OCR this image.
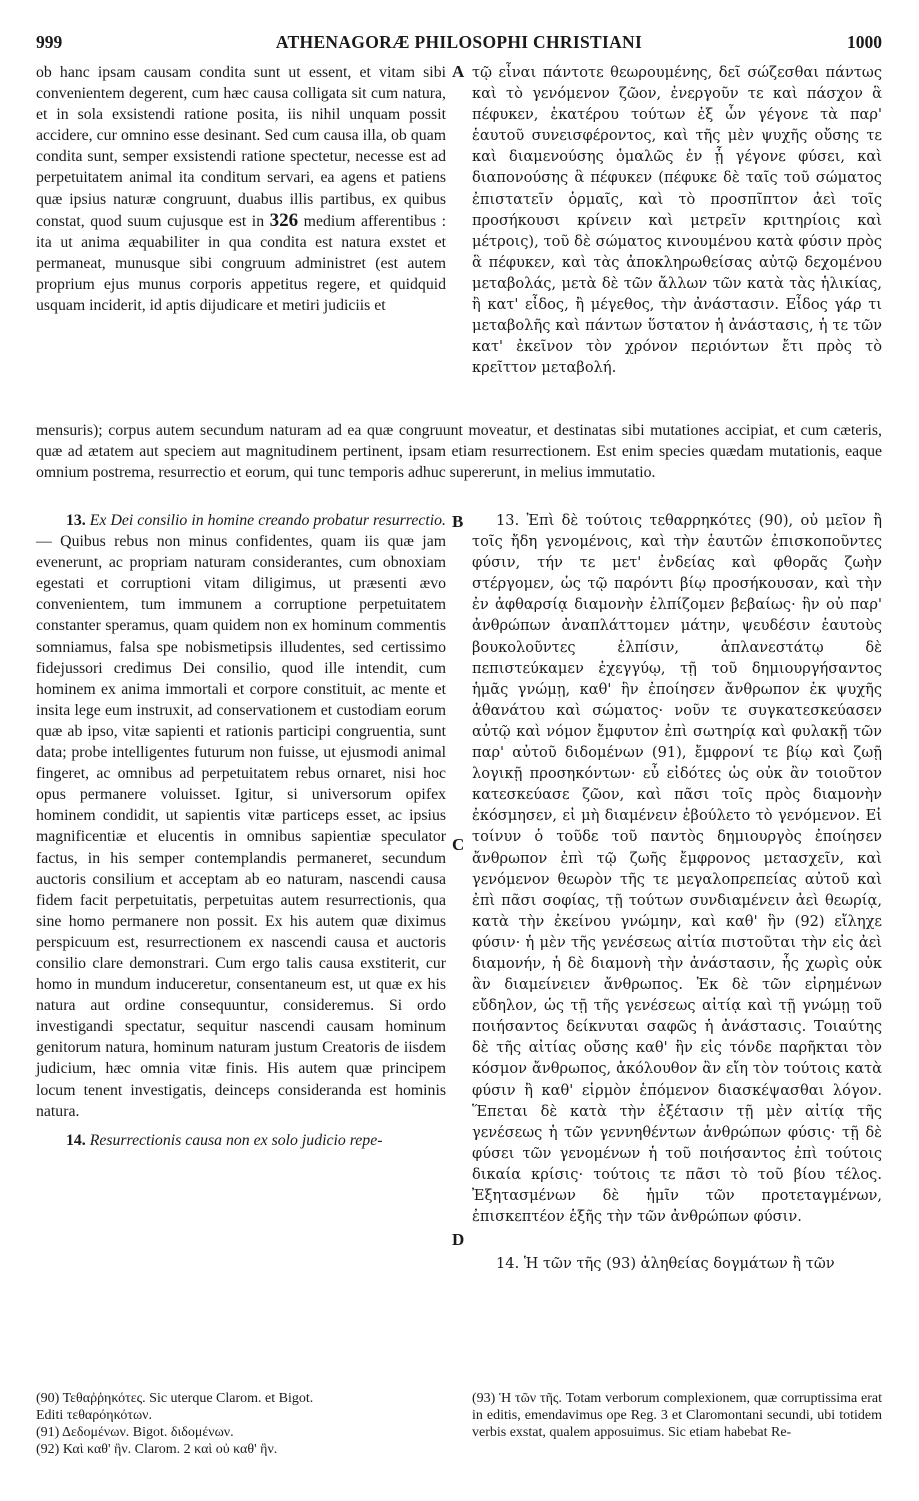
ATHENAGORÆ PHILOSOPHI CHRISTIANI
999	1000
ob hanc ipsam causam condita sunt ut essent, et vitam sibi convenientem degerent, cum hæc causa colligata sit cum natura, et in sola exsistendi ratione posita, iis nihil unquam possit accidere, cur omnino esse desinant. Sed cum causa illa, ob quam condita sunt, semper exsistendi ratione spectetur, necesse est ad perpetuitatem animal ita conditum servari, ea agens et patiens quæ ipsius naturæ congruunt, duabus illis partibus, ex quibus constat, quod suum cujusque est in 326 medium afferentibus : ita ut anima æquabiliter in qua condita est natura exstet et permaneat, munusque sibi congruum administret (est autem proprium ejus munus corporis appetitus regere, et quidquid usquam inciderit, id aptis dijudicare et metiri judiciis et
A τῷ εἶναι πάντοτε θεωρουμένης, δεῖ σώζεσθαι πάντως καὶ τὸ γενόμενον ζῶον, ἐνεργοῦν τε καὶ πάσχον ἃ πέφυκεν, ἑκατέρου τούτων ἐξ ὧν γέγονε τὰ παρ' ἑαυτοῦ συνεισφέροντος, καὶ τῆς μὲν ψυχῆς οὔσης τε καὶ διαμενούσης ὁμαλῶς ἐν ᾗ γέγονε φύσει, καὶ διαπονούσης ἃ πέφυκεν (πέφυκε δὲ ταῖς τοῦ σώματος ἐπιστατεῖν ὁρμαῖς, καὶ τὸ προσπῖπτον ἀεὶ τοῖς προσήκουσι κρίνειν καὶ μετρεῖν κριτηρίοις καὶ μέτροις), τοῦ δὲ σώματος κινουμένου κατὰ φύσιν πρὸς ἃ πέφυκεν, καὶ τὰς ἀποκληρωθείσας αὐτῷ δεχομένου μεταβολάς, μετὰ δὲ τῶν ἄλλων τῶν κατὰ τὰς ἡλικίας, ἢ κατ' εἶδος, ἢ μέγεθος, τὴν ἀνάστασιν. Εἶδος γάρ τι μεταβολῆς καὶ πάντων ὕστατον ἡ ἀνάστασις, ἡ τε τῶν κατ' ἐκεῖνον τὸν χρόνον περιόντων ἔτι πρὸς τὸ κρεῖττον μεταβολή.
mensuris); corpus autem secundum naturam ad ea quæ congruunt moveatur, et destinatas sibi mutationes accipiat, et cum cæteris, quæ ad ætatem aut speciem aut magnitudinem pertinent, ipsam etiam resurrectionem. Est enim species quædam mutationis, eaque omnium postrema, resurrectio et eorum, qui tunc temporis adhuc supererunt, in melius immutatio.

13. Ex Dei consilio in homine creando probatur resurrectio. — Quibus rebus non minus confidentes, quam iis quæ jam evenerunt, ac propriam naturam considerantes, cum obnoxiam egestati et corruptioni vitam diligimus, ut præsenti ævo convenientem, tum immunem a corruptione perpetuitatem constanter speramus, quam quidem non ex hominum commentis somniamus, falsa spe nobismetipsis illudentes, sed certissimo fidejussori credimus Dei consilio, quod ille intendit, cum hominem ex anima immortali et corpore constituit, ac mente et insita lege eum instruxit, ad conservationem et custodiam eorum quæ ab ipso, vitæ sapienti et rationis participi congruentia, sunt data; probe intelligentes futurum non fuisse, ut ejusmodi animal fingeret, ac omnibus ad perpetuitatem rebus ornaret, nisi hoc opus permanere voluisset. Igitur, si universorum opifex hominem condidit, ut sapientis vitæ particeps esset, ac ipsius magnificentiæ et elucentis in omnibus sapientiæ speculator factus, in his semper contemplandis permaneret, secundum auctoris consilium et acceptam ab eo naturam, nascendi causa fidem facit perpetuitatis, perpetuitas autem resurrectionis, qua sine homo permanere non possit. Ex his autem quæ diximus perspicuum est, resurrectionem ex nascendi causa et auctoris consilio clare demonstrari. Cum ergo talis causa exstiterit, cur homo in mundum induceretur, consentaneum est, ut quæ ex his natura aut ordine consequuntur, consideremus. Si ordo investigandi spectatur, sequitur nascendi causam hominum genitorum natura, hominum naturam justum Creatoris de iisdem judicium, hæc omnia vitæ finis. His autem quæ principem locum tenent investigatis, deinceps consideranda est hominis natura.

14. Resurrectionis causa non ex solo judicio repe-

B
C
D

13. Ἐπὶ δὲ τούτοις τεθαρρηκότες (90), οὐ μεῖον ἢ τοῖς ἤδη γενομένοις, καὶ τὴν ἑαυτῶν ἐπισκοποῦντες φύσιν, τήν τε μετ' ἐνδείας καὶ φθορᾶς ζωὴν στέργομεν, ὡς τῷ παρόντι βίῳ προσήκουσαν, καὶ τὴν ἐν ἀφθαρσίᾳ διαμονὴν ἐλπίζομεν βεβαίως· ἣν οὐ παρ' ἀνθρώπων ἀναπλάττομεν μάτην, ψευδέσιν ἑαυτοὺς βουκολοῦντες ἐλπίσιν, ἀπλανεστάτῳ δὲ πεπιστεύκαμεν ἐχεγγύῳ, τῇ τοῦ δημιουργήσαντος ἡμᾶς γνώμῃ, καθ' ἣν ἐποίησεν ἄνθρωπον ἐκ ψυχῆς ἀθανάτου καὶ σώματος· νοῦν τε συγκατεσκεύασεν αὐτῷ καὶ νόμον ἔμφυτον ἐπὶ σωτηρίᾳ καὶ φυλακῇ τῶν παρ' αὐτοῦ διδομένων (91), ἔμφρονί τε βίῳ καὶ ζωῇ λογικῇ προσηκόντων· εὖ εἰδότες ὡς οὐκ ἂν τοιοῦτον κατεσκεύασε ζῶον, καὶ πᾶσι τοῖς πρὸς διαμονὴν ἐκόσμησεν, εἰ μὴ διαμένειν ἐβούλετο τὸ γενόμενον. Εἰ τοίνυν ὁ τοῦδε τοῦ παντὸς δημιουργὸς ἐποίησεν ἄνθρωπον ἐπὶ τῷ ζωῆς ἔμφρονος μετασχεῖν, καὶ γενόμενον θεωρὸν τῆς τε μεγαλοπρεπείας αὐτοῦ καὶ ἐπὶ πᾶσι σοφίας, τῇ τούτων συνδιαμένειν ἀεὶ θεωρίᾳ, κατὰ τὴν ἐκείνου γνώμην, καὶ καθ' ἣν (92) εἴληχε φύσιν· ἡ μὲν τῆς γενέσεως αἰτία πιστοῦται τὴν εἰς ἀεὶ διαμονήν, ἡ δὲ διαμονὴ τὴν ἀνάστασιν, ἧς χωρὶς οὐκ ἂν διαμείνειεν ἄνθρωπος. Ἐκ δὲ τῶν εἰρημένων εὔδηλον, ὡς τῇ τῆς γενέσεως αἰτίᾳ καὶ τῇ γνώμῃ τοῦ ποιήσαντος δείκνυται σαφῶς ἡ ἀνάστασις. Τοιαύτης δὲ τῆς αἰτίας οὔσης καθ' ἣν εἰς τόνδε παρῆκται τὸν κόσμον ἄνθρωπος, ἀκόλουθον ἂν εἴη τὸν τούτοις κατὰ φύσιν ἢ καθ' εἱρμὸν ἑπόμενον διασκέψασθαι λόγον. Ἕπεται δὲ κατὰ τὴν ἐξέτασιν τῇ μὲν αἰτίᾳ τῆς γενέσεως ἡ τῶν γεννηθέντων ἀνθρώπων φύσις· τῇ δὲ φύσει τῶν γενομένων ἡ τοῦ ποιήσαντος ἐπὶ τούτοις δικαία κρίσις· τούτοις τε πᾶσι τὸ τοῦ βίου τέλος. Ἐξητασμένων δὲ ἡμῖν τῶν προτεταγμένων, ἐπισκεπτέον ἑξῆς τὴν τῶν ἀνθρώπων φύσιν.

14. Ἡ τῶν τῆς (93) ἀληθείας δογμάτων ἢ τῶν

(90) Τεθαῤῥηκότες. Sic uterque Clarom. et Bigot.
Editi τεθαρόηκότων.
(91) Δεδομένων. Bigot. διδομένων.
(92) Καὶ καθ' ἣν. Clarom. 2 καὶ οὐ καθ' ἣν.
(93) Ἡ τῶν τῆς. Totam verborum complexionem, quæ corruptissima erat in editis, emendavimus ope Reg. 3 et Claromontani secundi, ubi totidem verbis exstat, qualem apposuimus. Sic etiam habebat Re-
